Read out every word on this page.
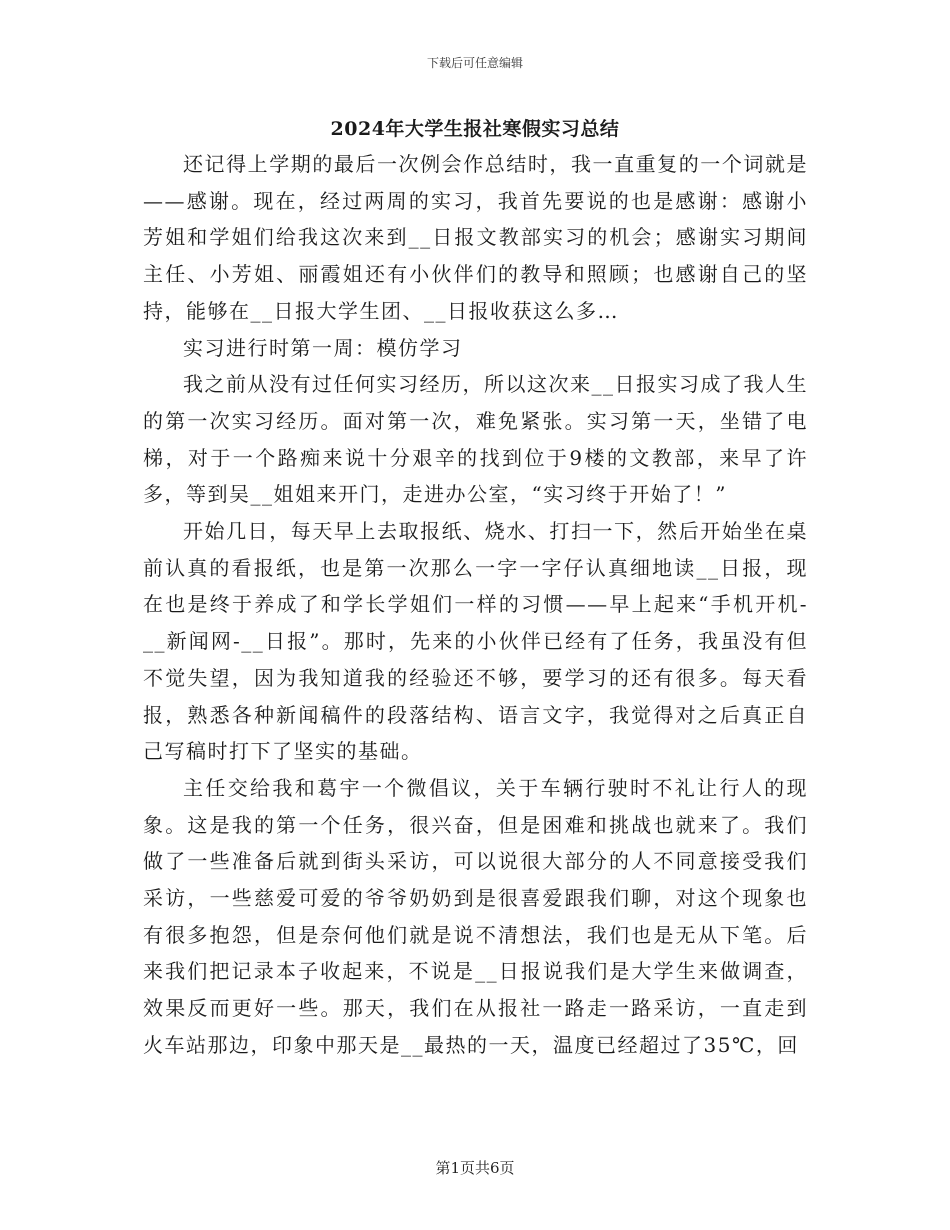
下载后可任意编辑
2024年大学生报社寒假实习总结

还记得上学期的最后一次例会作总结时，我一直重复的一个词就是——感谢。现在，经过两周的实习，我首先要说的也是感谢：感谢小芳姐和学姐们给我这次来到__日报文教部实习的机会；感谢实习期间主任、小芳姐、丽霞姐还有小伙伴们的教导和照顾；也感谢自己的坚持，能够在__日报大学生团、__日报收获这么多…

实习进行时第一周：模仿学习

我之前从没有过任何实习经历，所以这次来__日报实习成了我人生的第一次实习经历。面对第一次，难免紧张。实习第一天，坐错了电梯，对于一个路痴来说十分艰辛的找到位于9楼的文教部，来早了许多，等到吴__姐姐来开门，走进办公室，“实习终于开始了！”

开始几日，每天早上去取报纸、烧水、打扫一下，然后开始坐在桌前认真的看报纸，也是第一次那么一字一字仔认真细地读__日报，现在也是终于养成了和学长学姐们一样的习惯——早上起来“手机开机-__新闻网-__日报”。那时，先来的小伙伴已经有了任务，我虽没有但不觉失望，因为我知道我的经验还不够，要学习的还有很多。每天看报，熟悉各种新闻稿件的段落结构、语言文字，我觉得对之后真正自己写稿时打下了坚实的基础。

主任交给我和葛宇一个微倡议，关于车辆行驶时不礼让行人的现象。这是我的第一个任务，很兴奋，但是困难和挑战也就来了。我们做了一些准备后就到街头采访，可以说很大部分的人不同意接受我们采访，一些慈爱可爱的爷爷奶奶到是很喜爱跟我们聊，对这个现象也有很多抱怨，但是奈何他们就是说不清想法，我们也是无从下笔。后来我们把记录本子收起来，不说是__日报说我们是大学生来做调查，效果反而更好一些。那天，我们在从报社一路走一路采访，一直走到火车站那边，印象中那天是__最热的一天，温度已经超过了35℃，回

第1页共6页
